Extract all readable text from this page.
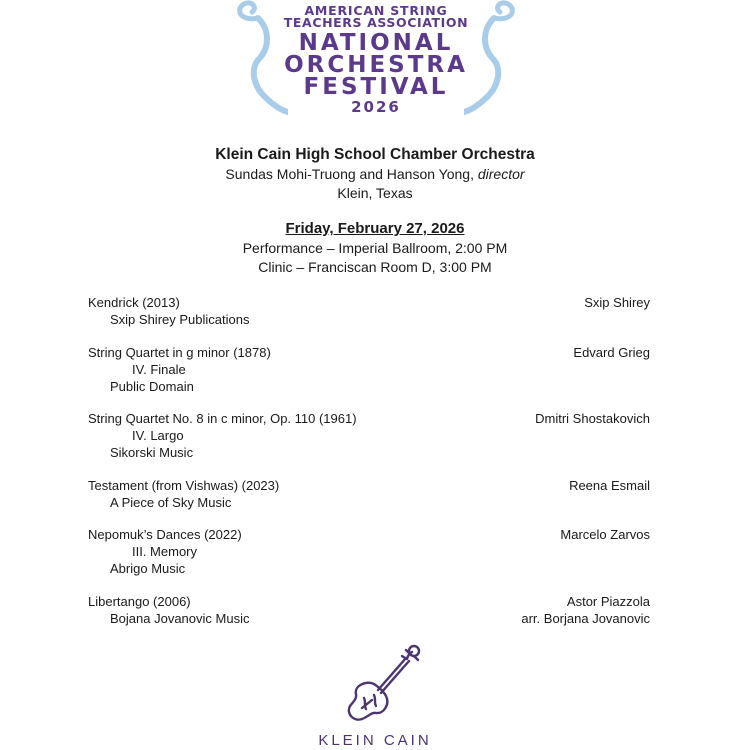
AMERICAN STRING
TEACHERS ASSOCIATION
NATIONAL
ORCHESTRA
FESTIVAL
2026
Klein Cain High School Chamber Orchestra
Sundas Mohi-Truong and Hanson Yong, director
Klein, Texas
Friday, February 27, 2026
Performance – Imperial Ballroom, 2:00 PM
Clinic – Franciscan Room D, 3:00 PM
Kendrick (2013)	Sxip Shirey
Sxip Shirey Publications
String Quartet in g minor (1878)	Edvard Grieg
IV. Finale
Public Domain
String Quartet No. 8 in c minor, Op. 110 (1961)	Dmitri Shostakovich
IV. Largo
Sikorski Music
Testament (from Vishwas) (2023)	Reena Esmail
A Piece of Sky Music
Nepomuk’s Dances (2022)	Marcelo Zarvos
III. Memory
Abrigo Music
Libertango (2006)	Astor Piazzola
Bojana Jovanovic Music	arr. Borjana Jovanovic
KLEIN CAIN
